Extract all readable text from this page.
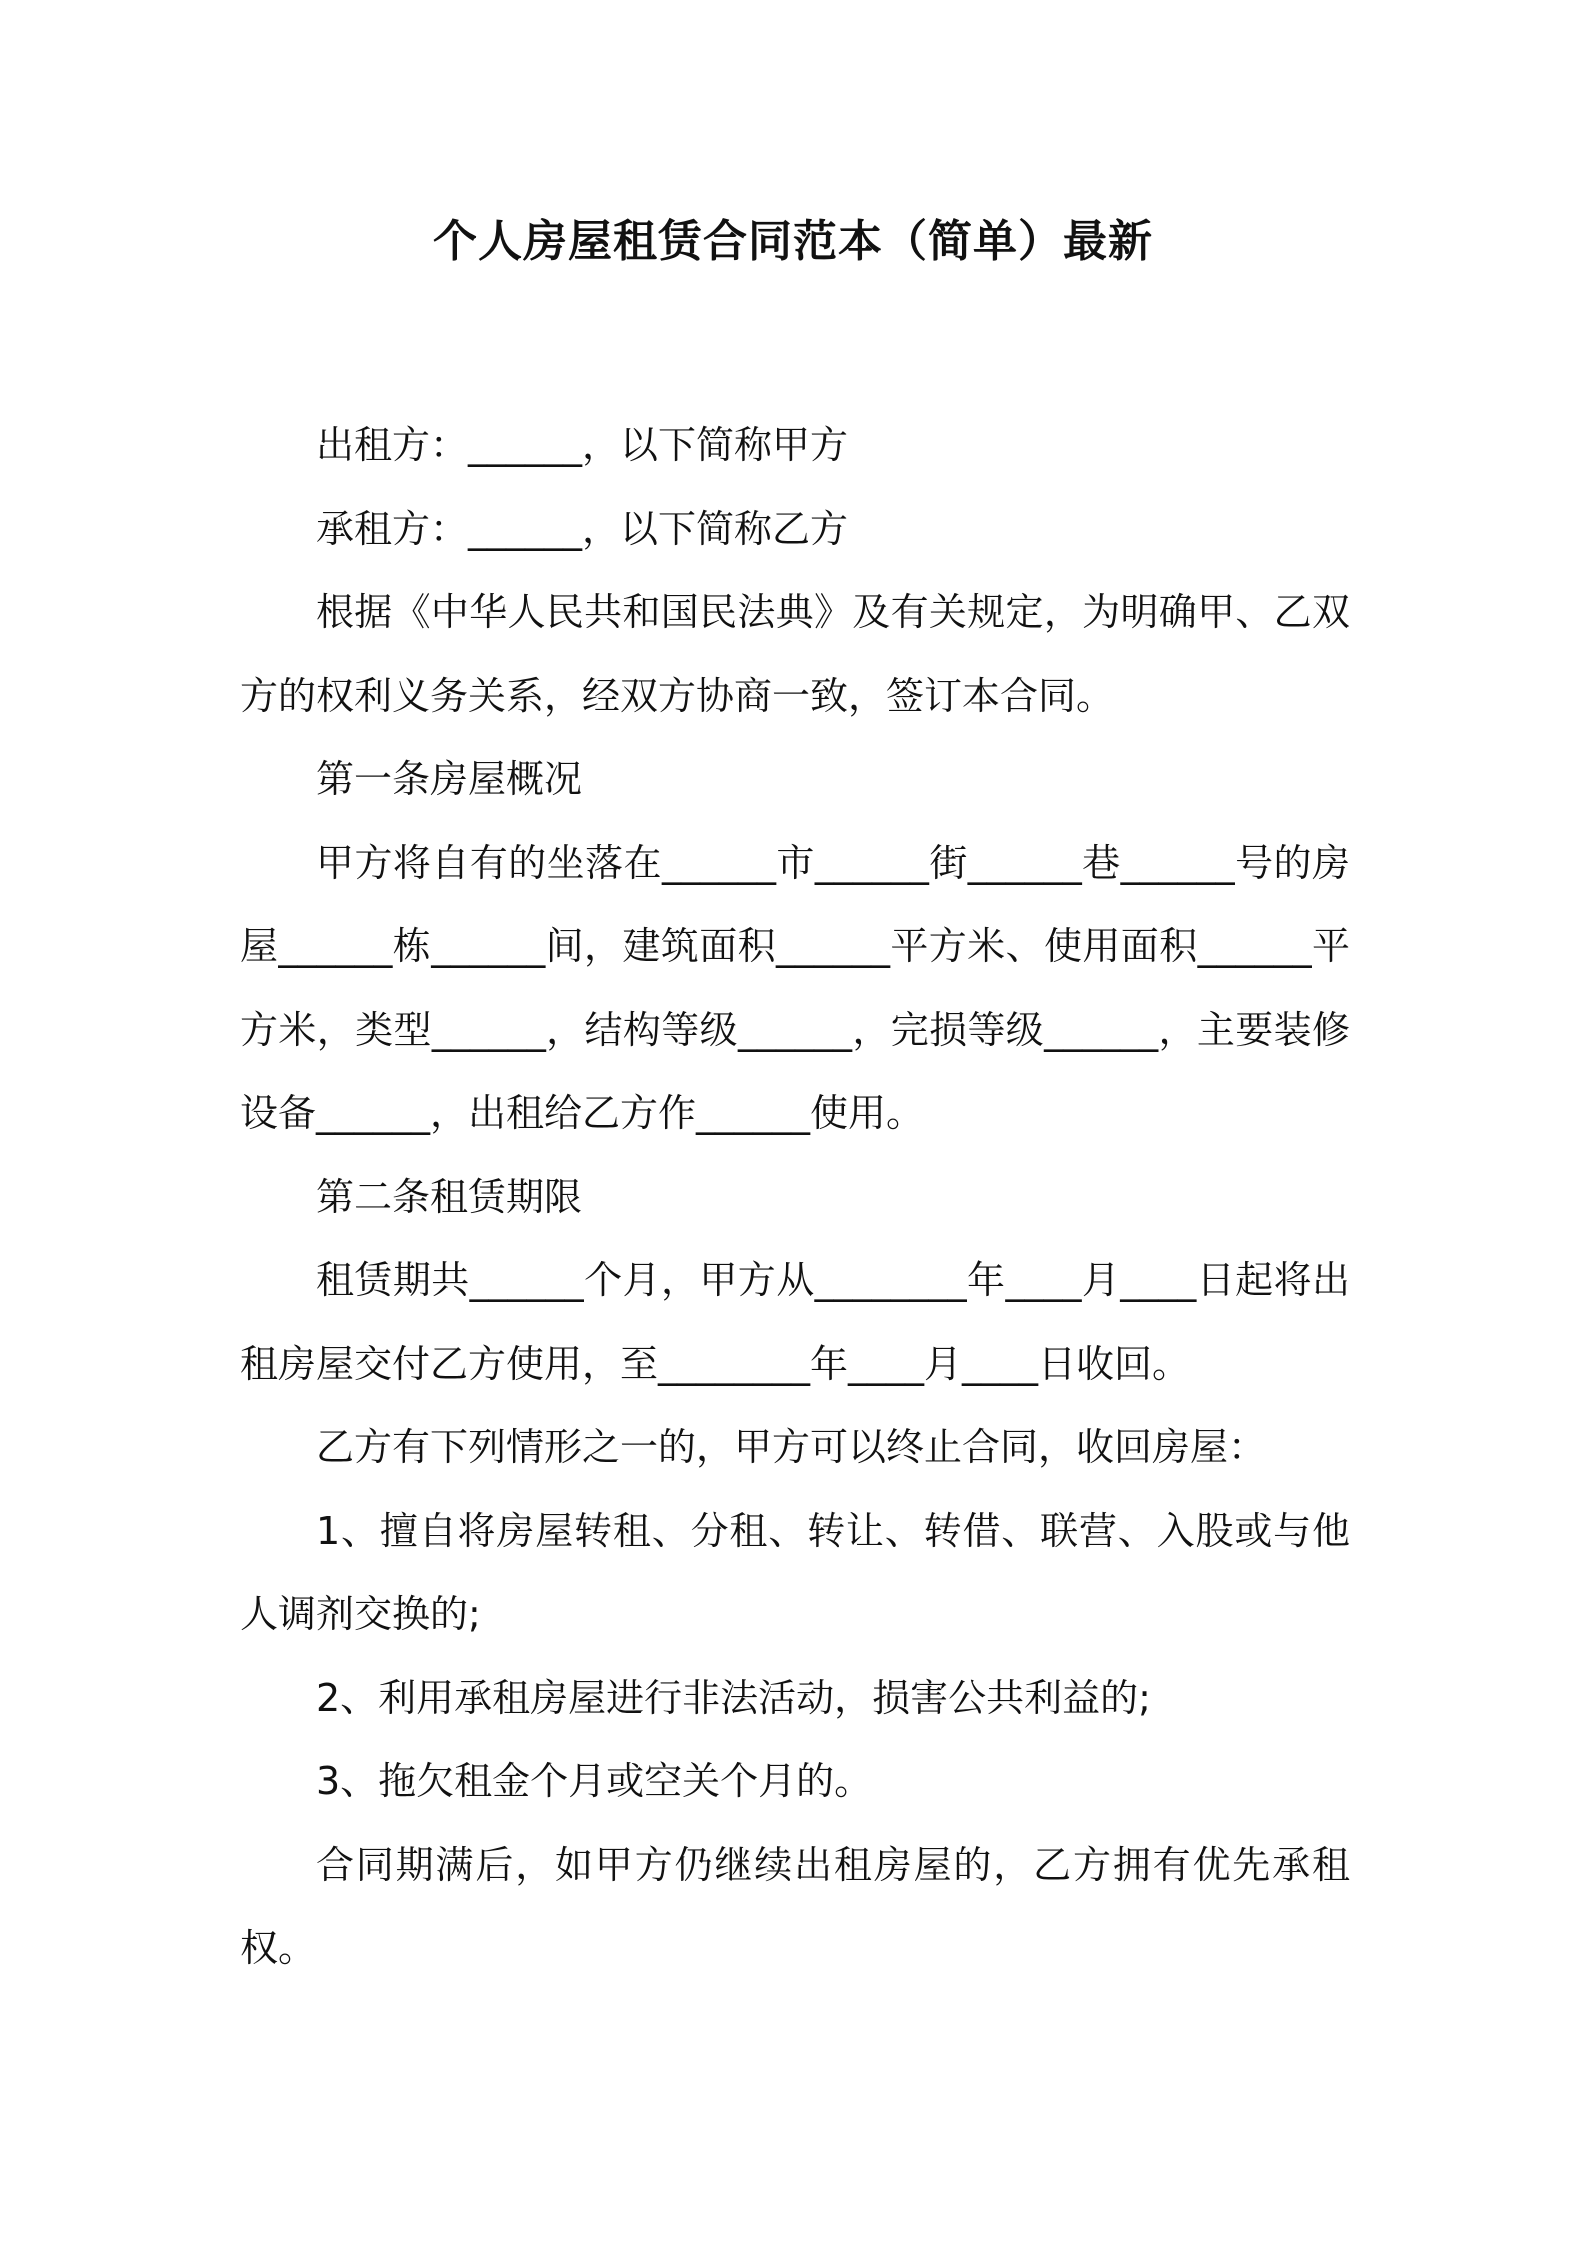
个人房屋租赁合同范本（简单）最新

出租方：______，以下简称甲方

承租方：______，以下简称乙方

根据《中华人民共和国民法典》及有关规定，为明确甲、乙双方的权利义务关系，经双方协商一致，签订本合同。

第一条房屋概况

甲方将自有的坐落在______市______街______巷______号的房屋______栋______间，建筑面积______平方米、使用面积______平方米，类型______，结构等级______，完损等级______，主要装修设备______，出租给乙方作______使用。

第二条租赁期限

租赁期共______个月，甲方从________年____月____日起将出租房屋交付乙方使用，至________年____月____日收回。

乙方有下列情形之一的，甲方可以终止合同，收回房屋：

1、擅自将房屋转租、分租、转让、转借、联营、入股或与他人调剂交换的;

2、利用承租房屋进行非法活动，损害公共利益的;

3、拖欠租金个月或空关个月的。

合同期满后，如甲方仍继续出租房屋的，乙方拥有优先承租权。
